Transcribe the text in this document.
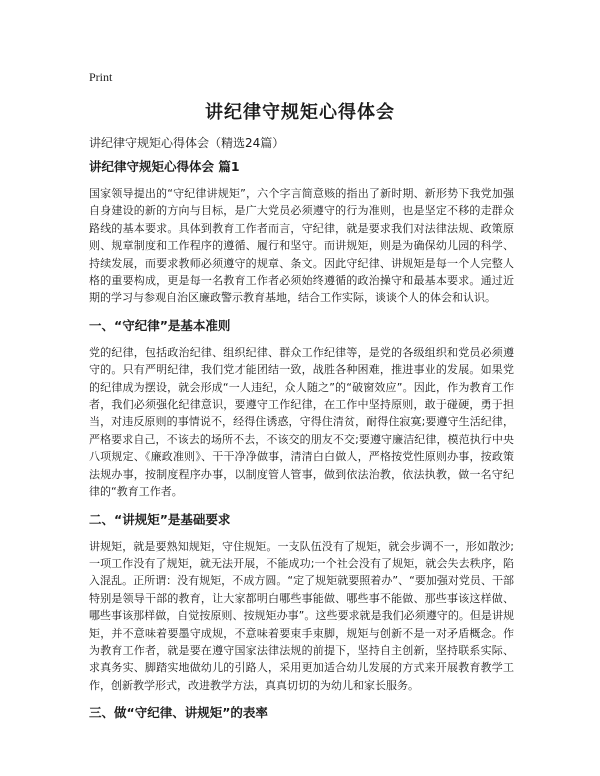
Print
讲纪律守规矩心得体会
讲纪律守规矩心得体会（精选24篇）
讲纪律守规矩心得体会 篇1

国家领导提出的“守纪律讲规矩”，六个字言简意赅的指出了新时期、新形势下我党加强自身建设的新的方向与目标，是广大党员必须遵守的行为准则，也是坚定不移的走群众路线的基本要求。具体到教育工作者而言，守纪律，就是要求我们对法律法规、政策原则、规章制度和工作程序的遵循、履行和坚守。而讲规矩，则是为确保幼儿园的科学、持续发展，而要求教师必须遵守的规章、条文。因此守纪律、讲规矩是每一个人完整人格的重要构成，更是每一名教育工作者必须始终遵循的政治操守和最基本要求。通过近期的学习与参观自治区廉政警示教育基地，结合工作实际，谈谈个人的体会和认识。

一、“守纪律”是基本准则

党的纪律，包括政治纪律、组织纪律、群众工作纪律等，是党的各级组织和党员必须遵守的。只有严明纪律，我们党才能团结一致，战胜各种困难，推进事业的发展。如果党的纪律成为摆设，就会形成“一人违纪，众人随之”的“破窗效应”。因此，作为教育工作者，我们必须强化纪律意识，要遵守工作纪律，在工作中坚持原则，敢于碰硬，勇于担当，对违反原则的事情说不，经得住诱惑，守得住清贫，耐得住寂寞;要遵守生活纪律，严格要求自己，不该去的场所不去，不该交的朋友不交;要遵守廉洁纪律，模范执行中央八项规定、《廉政准则》、干干净净做事，清清白白做人，严格按党性原则办事，按政策法规办事，按制度程序办事，以制度管人管事，做到依法治教，依法执教，做一名守纪律的“教育工作者。

二、“讲规矩”是基础要求

讲规矩，就是要熟知规矩，守住规矩。一支队伍没有了规矩，就会步调不一，形如散沙;一项工作没有了规矩，就无法开展，不能成功;一个社会没有了规矩，就会失去秩序，陷入混乱。正所谓：没有规矩，不成方圆。“定了规矩就要照着办”、“要加强对党员、干部特别是领导干部的教育，让大家都明白哪些事能做、哪些事不能做、那些事该这样做、哪些事该那样做，自觉按原则、按规矩办事”。这些要求就是我们必须遵守的。但是讲规矩，并不意味着要墨守成规，不意味着要束手束脚，规矩与创新不是一对矛盾概念。作为教育工作者，就是要在遵守国家法律法规的前提下，坚持自主创新，坚持联系实际、求真务实、脚踏实地做幼儿的引路人，采用更加适合幼儿发展的方式来开展教育教学工作，创新教学形式，改进教学方法，真真切切的为幼儿和家长服务。

三、做“守纪律、讲规矩”的表率
